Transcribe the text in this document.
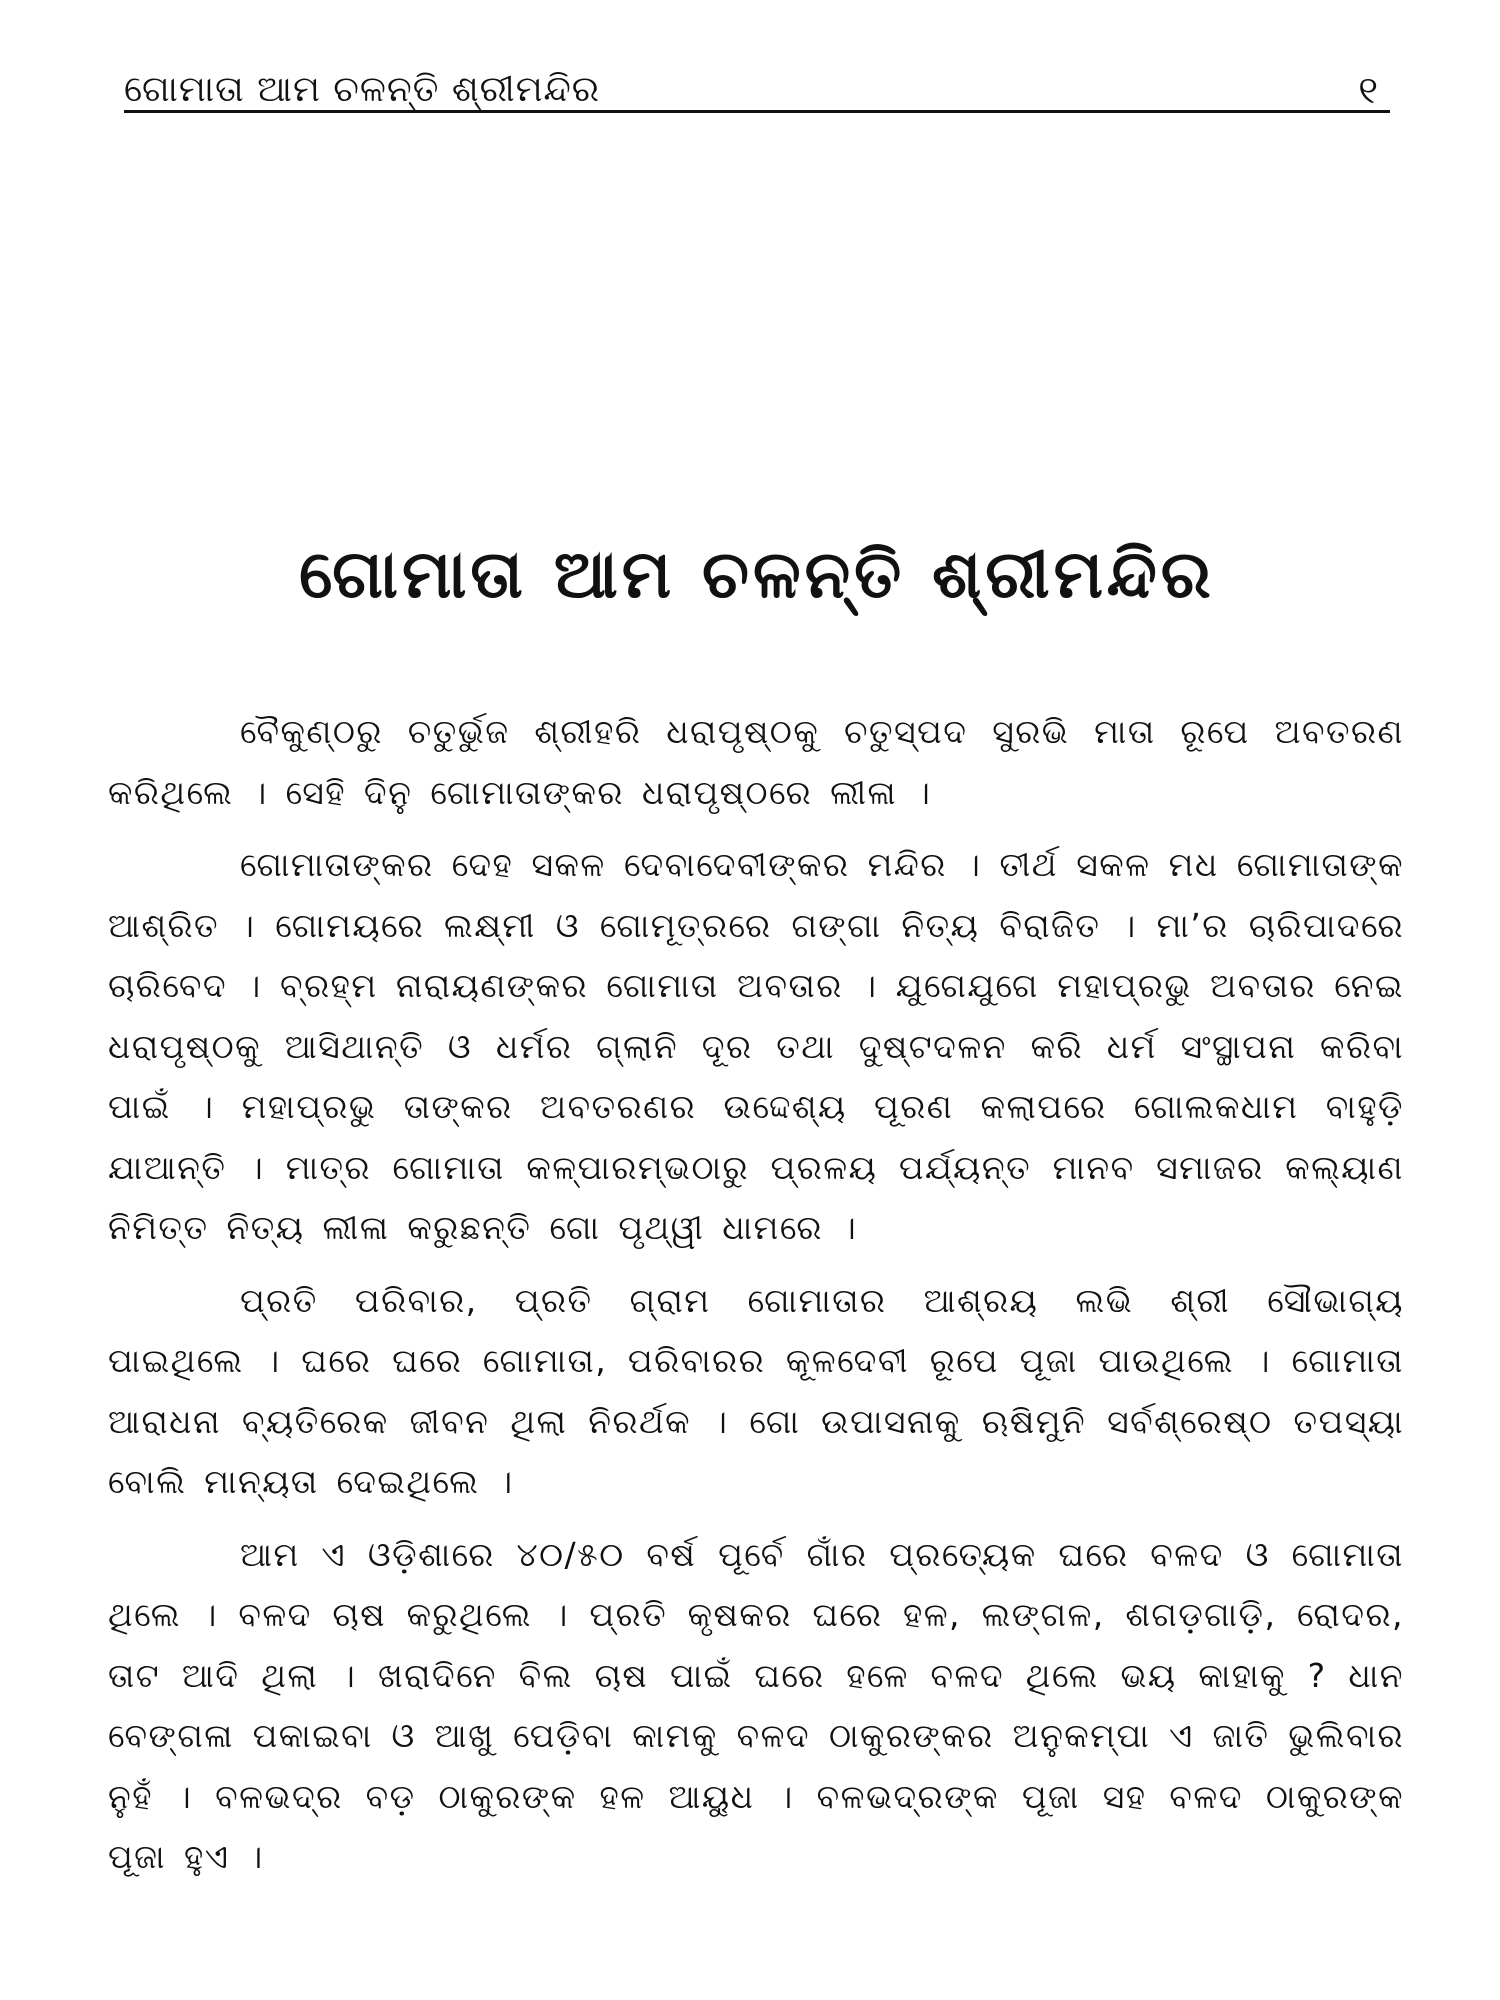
ଗୋମାତା ଆମ ଚଳନ୍ତି ଶ୍ରୀମନ୍ଦିର	୧
ଗୋମାତା ଆମ ଚଳନ୍ତି ଶ୍ରୀମନ୍ଦିର

ବୈକୁଣ୍ଠରୁ ଚତୁର୍ଭୁଜ ଶ୍ରୀହରି ଧରାପୃଷ୍ଠକୁ ଚତୁସ୍ପଦ ସୁରଭି ମାତା ରୂପେ ଅବତରଣ କରିଥିଲେ । ସେହି ଦିନୁ ଗୋମାତାଙ୍କର ଧରାପୃଷ୍ଠରେ ଲୀଳା ।

ଗୋମାତାଙ୍କର ଦେହ ସକଳ ଦେବାଦେବୀଙ୍କର ମନ୍ଦିର । ତୀର୍ଥ ସକଳ ମଧ ଗୋମାତାଙ୍କ ଆଶ୍ରିତ । ଗୋମୟରେ ଲକ୍ଷ୍ମୀ ଓ ଗୋମୂତ୍ରରେ ଗଙ୍ଗା ନିତ୍ୟ ବିରାଜିତ । ମା’ର ଚାରିପାଦରେ ଚାରିବେଦ । ବ୍ରହ୍ମ ନାରାୟଣଙ୍କର ଗୋମାତା ଅବତାର । ଯୁଗେଯୁଗେ ମହାପ୍ରଭୁ ଅବତାର ନେଇ ଧରାପୃଷ୍ଠକୁ ଆସିଥାନ୍ତି ଓ ଧର୍ମର ଗ୍ଲାନି ଦୂର ତଥା ଦୁଷ୍ଟଦଳନ କରି ଧର୍ମ ସଂସ୍ଥାପନା କରିବା ପାଇଁ । ମହାପ୍ରଭୁ ତାଙ୍କର ଅବତରଣର ଉଦ୍ଦେଶ୍ୟ ପୂରଣ କଲାପରେ ଗୋଲକଧାମ ବାହୁଡ଼ି ଯାଆନ୍ତି । ମାତ୍ର ଗୋମାତା କଳ୍ପାରମ୍ଭଠାରୁ ପ୍ରଳୟ ପର୍ଯ୍ୟନ୍ତ ମାନବ ସମାଜର କଲ୍ୟାଣ ନିମିତ୍ତ ନିତ୍ୟ ଲୀଳା କରୁଛନ୍ତି ଗୋ ପୃଥ୍ୱୀ ଧାମରେ ।

ପ୍ରତି ପରିବାର, ପ୍ରତି ଗ୍ରାମ ଗୋମାତାର ଆଶ୍ରୟ ଲଭି ଶ୍ରୀ ସୌଭାଗ୍ୟ ପାଇଥିଲେ । ଘରେ ଘରେ ଗୋମାତା, ପରିବାରର କୂଳଦେବୀ ରୂପେ ପୂଜା ପାଉଥିଲେ । ଗୋମାତା ଆରାଧନା ବ୍ୟତିରେକ ଜୀବନ ଥିଲା ନିରର୍ଥକ । ଗୋ ଉପାସନାକୁ ଋଷିମୁନି ସର୍ବଶ୍ରେଷ୍ଠ ତପସ୍ୟା ବୋଲି ମାନ୍ୟତା ଦେଇଥିଲେ ।

ଆମ ଏ ଓଡ଼ିଶାରେ ୪୦/୫୦ ବର୍ଷ ପୂର୍ବେ ଗାଁର ପ୍ରତ୍ୟେକ ଘରେ ବଳଦ ଓ ଗୋମାତା ଥିଲେ । ବଳଦ ଚାଷ କରୁଥିଲେ । ପ୍ରତି କୃଷକର ଘରେ ହଳ, ଲଙ୍ଗଳ, ଶଗଡ଼ଗାଡ଼ି, ରୋଦର, ତାଟ ଆଦି ଥିଲା । ଖରାଦିନେ ବିଲ ଚାଷ ପାଇଁ ଘରେ ହଳେ ବଳଦ ଥିଲେ ଭୟ କାହାକୁ ? ଧାନ ବେଙ୍ଗଳା ପକାଇବା ଓ ଆଖୁ ପେଡ଼ିବା କାମକୁ ବଳଦ ଠାକୁରଙ୍କର ଅନୁକମ୍ପା ଏ ଜାତି ଭୁଲିବାର ନୁହଁ । ବଳଭଦ୍ର ବଡ଼ ଠାକୁରଙ୍କ ହଳ ଆୟୁଧ । ବଳଭଦ୍ରଙ୍କ ପୂଜା ସହ ବଳଦ ଠାକୁରଙ୍କ ପୂଜା ହୁଏ ।
